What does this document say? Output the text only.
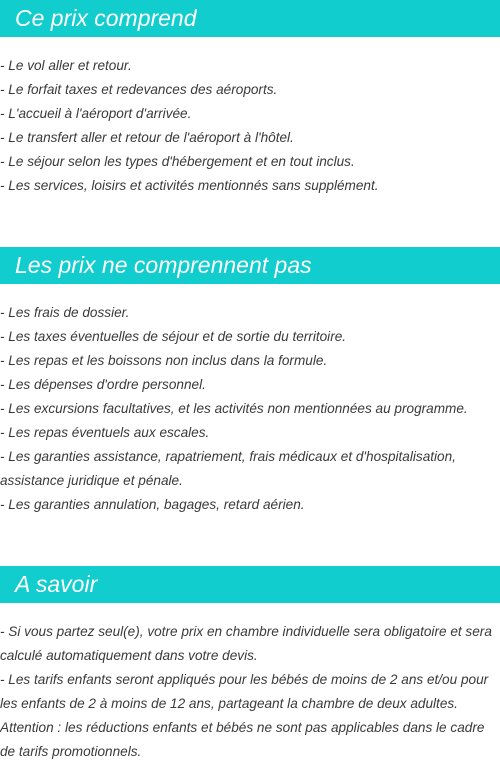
Ce prix comprend
- Le vol aller et retour.
- Le forfait taxes et redevances des aéroports.
- L'accueil à l'aéroport d'arrivée.
- Le transfert aller et retour de l'aéroport à l'hôtel.
- Le séjour selon les types d'hébergement et en tout inclus.
- Les services, loisirs et activités mentionnés sans supplément.
Les prix ne comprennent pas
- Les frais de dossier.
- Les taxes éventuelles de séjour et de sortie du territoire.
- Les repas et les boissons non inclus dans la formule.
- Les dépenses d'ordre personnel.
- Les excursions facultatives, et les activités non mentionnées au programme.
- Les repas éventuels aux escales.
- Les garanties assistance, rapatriement, frais médicaux et d'hospitalisation, assistance juridique et pénale.
- Les garanties annulation, bagages, retard aérien.
A savoir
- Si vous partez seul(e), votre prix en chambre individuelle sera obligatoire et sera calculé automatiquement dans votre devis.
- Les tarifs enfants seront appliqués pour les bébés de moins de 2 ans et/ou pour les enfants de 2 à moins de 12 ans, partageant la chambre de deux adultes.
Attention : les réductions enfants et bébés ne sont pas applicables dans le cadre de tarifs promotionnels.
